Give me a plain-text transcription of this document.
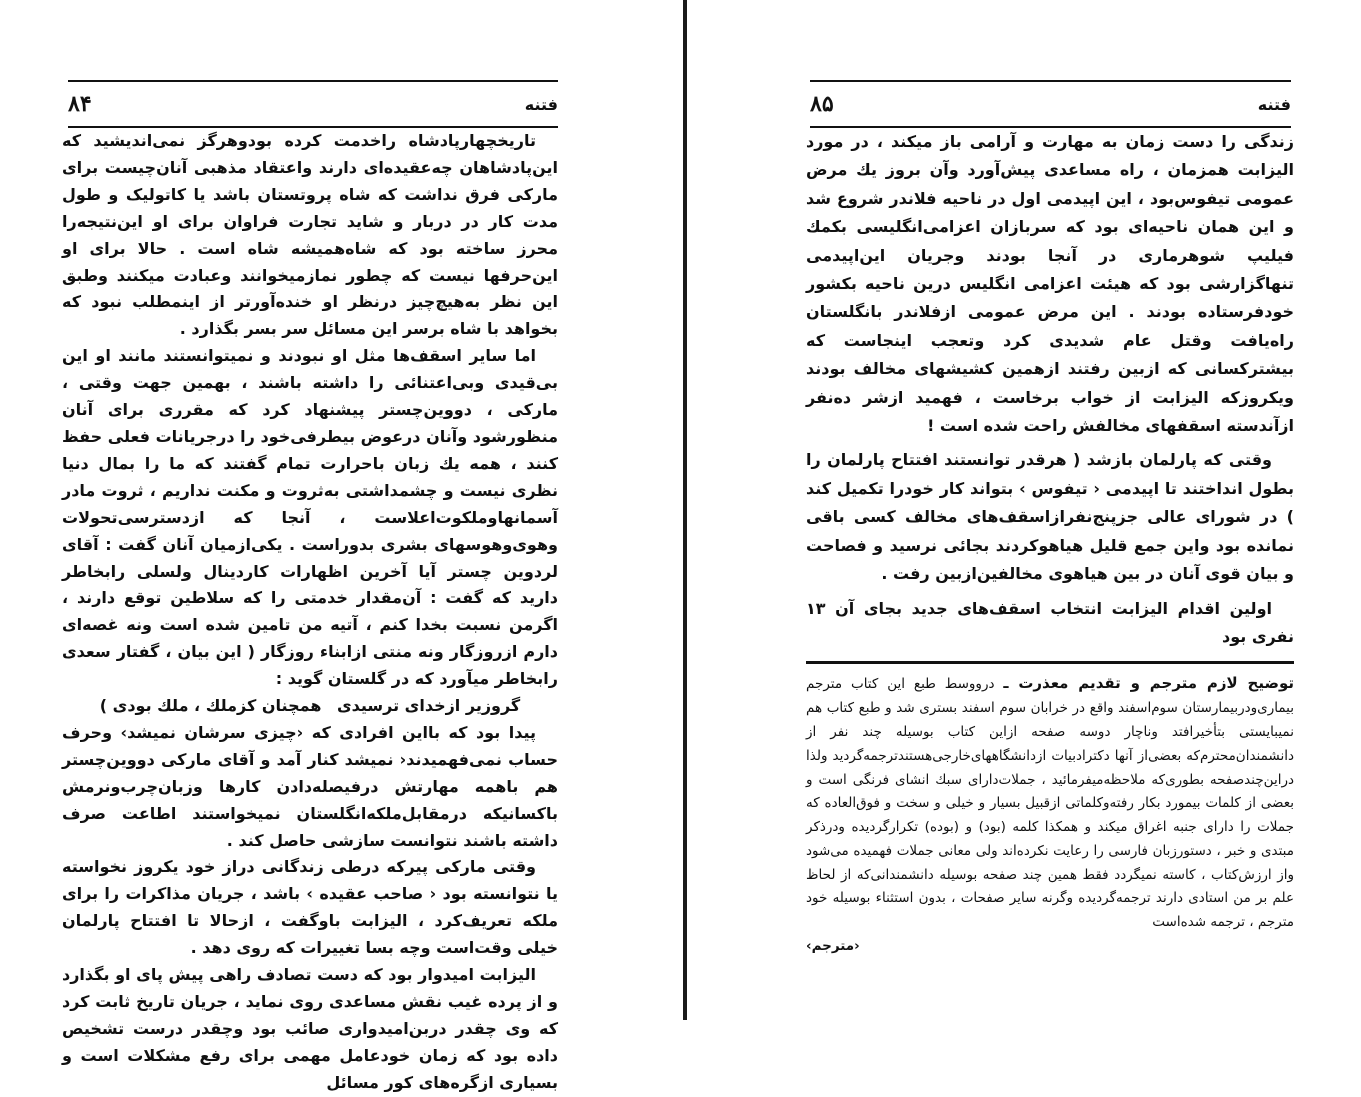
۸۴	فتنه

تاریخچهارپادشاه راخدمت کرده بودوهرگز نمی‌اندیشید که این‌پادشاهان چه‌عقیده‌ای دارند واعتقاد مذهبی آنان‌چیست برای مارکی فرق نداشت که شاه پروتستان باشد یا کاتولیک و طول مدت کار در دربار و شاید تجارت فراوان برای او این‌نتیجه‌را محرز ساخته بود که شاه‌همیشه شاه است . حالا برای او این‌حرفها نیست که چطور نمازمیخوانند وعبادت میکنند وطبق این نظر به‌هیچ‌چیز درنظر او خنده‌آورتر از اینمطلب نبود که بخواهد با شاه برسر این مسائل سر بسر بگذارد .

اما سایر اسقف‌ها مثل او نبودند و نمیتوانستند مانند او این بی‌قیدی وبی‌اعتنائی را داشته باشند ، بهمین جهت وقتی ، مارکی ، دووین‌چستر پیشنهاد کرد که مقرری برای آنان منظورشود وآنان درعوض بیطرفی‌خود را درجریانات فعلی حفظ کنند ، همه یك زبان باحرارت تمام گفتند که ما را بمال دنیا نظری نیست و چشمداشتی به‌ثروت و مکنت نداریم ، ثروت مادر آسمانها‌وملکوت‌اعلاست ، آنجا که ازدسترسی‌تحولات وهوی‌وهوسهای بشری بدوراست . یکی‌ازمیان آنان گفت : آقای لردوین چستر آیا آخرین اظهارات کاردینال ولسلی رابخاطر دارید که گفت : آن‌مقدار خدمتی را که سلاطین توقع دارند ، اگرمن نسبت بخدا کنم ، آتیه من تامین شده است ونه غصه‌ای دارم ازروزگار ونه منتی ازابناء روزگار ( این بیان ، گفتار سعدی رابخاطر میآورد که در گلستان گوید :

گروزیر ازخدای ترسیدی
همچنان کزملك ، ملك بودی )

پیدا بود که بااین افرادی که ‹چیزی سرشان نمیشد› وحرف حساب نمی‌فهمیدند‹ نمیشد کنار آمد و آقای مارکی دووین‌چستر هم باهمه مهارتش درفیصله‌دادن کارها وزبان‌چرب‌ونرمش باکسانیکه درمقابل‌ملکه‌انگلستان نمیخواستند اطاعت صرف داشته باشند نتوانست سازشی حاصل کند .

وقتی مارکی پیرکه درطی زندگانی دراز خود یکروز نخواسته یا نتوانسته بود ‹ صاحب عقیده › باشد ، جریان مذاکرات را برای ملکه تعریف‌کرد ، الیزابت باوگفت ، ازحالا تا افتتاح پارلمان خیلی وقت‌است وچه بسا تغییرات که روی دهد .

الیزابت امیدوار بود که دست تصادف راهی پیش پای او بگذارد و از پرده غیب نقش مساعدی روی نماید ، جریان تاریخ ثابت کرد که وی چقدر دربن‌امیدواری صائب بود وچقدر درست تشخیص داده بود که زمان خودعامل مهمی برای رفع مشکلات است و بسیاری ازگره‌های کور مسائل

۸۵	فتنه

زندگی را دست زمان به مهارت و آرامی باز میکند ، در مورد الیزابت همزمان ، راه مساعدی پیش‌آورد وآن بروز یك مرض عمومی تیفوس‌بود ، این اپیدمی اول در ناحیه فلاندر شروع شد و این همان ناحیه‌ای بود که سربازان اعزامی‌انگلیسی بکمك فیلیپ شوهرماری در آنجا بودند وجریان این‌اپیدمی تنهاگزارشی بود که هیئت اعزامی انگلیس درین ناحیه بکشور خودفرستاده بودند . این مرض عمومی ازفلاندر بانگلستان راه‌یافت وقتل عام شدیدی کرد وتعجب اینجاست که بیشترکسانی که ازبین رفتند ازهمین کشیشهای مخالف بودند ویکروزکه الیزابت از خواب برخاست ، فهمید ازشر ده‌نفر ازآندسته اسقفهای مخالفش راحت شده است !

وقتی که پارلمان بازشد ( هرقدر توانستند افتتاح پارلمان را بطول انداختند تا اپیدمی ‹ تیفوس › بتواند کار خودرا تکمیل کند ) در شورای عالی جزپنج‌نفرازاسقف‌های مخالف کسی باقی نمانده بود واین جمع قلیل هیاهوکردند بجائی نرسید و فصاحت و بیان قوی آنان در بین هیاهوی مخالفین‌ازبین رفت .

اولین اقدام الیزابت انتخاب اسقف‌های جدید بجای آن ۱۳ نفری بود

توضیح لازم مترجم و تقدیم معذرت ـ درووسط طبع این کتاب مترجم بیماری‌ودربیمارستان سوم‌اسفند واقع در خرابان سوم اسفند بستری شد و طبع کتاب هم نمیبایستی بتأخیرافتد وناچار دوسه صفحه ازاین کتاب بوسیله چند نفر از دانشمندان‌محترم‌که بعضی‌از آنها دکتراد‌بیات ازدانشگاههای‌خارجی‌هستند‌ترجمه‌گردید ولذا دراین‌چندصفحه بطوری‌که ملاحظه‌میفرمائید ، جملات‌دارای سبك انشای فرنگی است و بعضی از کلمات بیمورد بکار رفته‌وکلماتی ازقبیل بسیار و خیلی و سخت و فوق‌العاده که جملات را دارای جنبه اغراق میکند و همکذا کلمه (بود) و (بوده) تکرارگردیده ودرذکر مبتدی و خبر ، دستورزبان فارسی را رعایت نکرده‌اند ولی معانی جملات فهمیده می‌شود واز ارزش‌کتاب ، کاسته نمیگردد فقط همین چند صفحه بوسیله دانشمندانی‌که از لحاظ علم بر من استادی دارند ترجمه‌گردیده وگرنه سایر صفحات ، بدون استثناء بوسیله خود مترجم ، ترجمه شده‌است
‹مترجم›
